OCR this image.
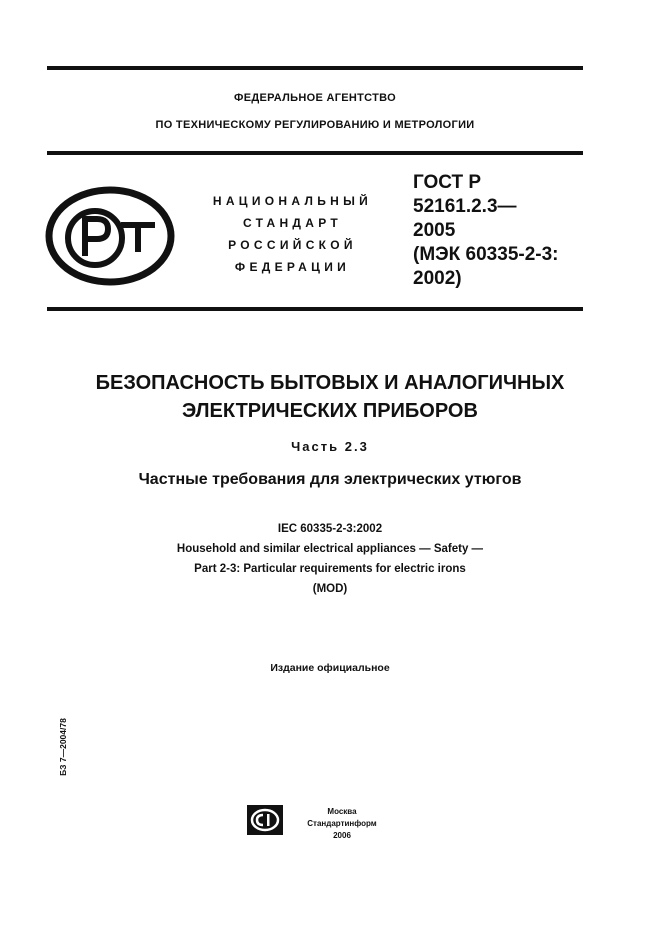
ФЕДЕРАЛЬНОЕ АГЕНТСТВО
ПО ТЕХНИЧЕСКОМУ РЕГУЛИРОВАНИЮ И МЕТРОЛОГИИ
НАЦИОНАЛЬНЫЙ
СТАНДАРТ
РОССИЙСКОЙ
ФЕДЕРАЦИИ
ГОСТ Р
52161.2.3—
2005
(МЭК 60335-2-3:
2002)
БЕЗОПАСНОСТЬ БЫТОВЫХ И АНАЛОГИЧНЫХ
ЭЛЕКТРИЧЕСКИХ ПРИБОРОВ
Часть 2.3
Частные требования для электрических утюгов
IEC 60335-2-3:2002
Household and similar electrical appliances — Safety —
Part 2-3: Particular requirements for electric irons
(MOD)
Издание официальное
БЗ 7—2004/78
Москва
Стандартинформ
2006
